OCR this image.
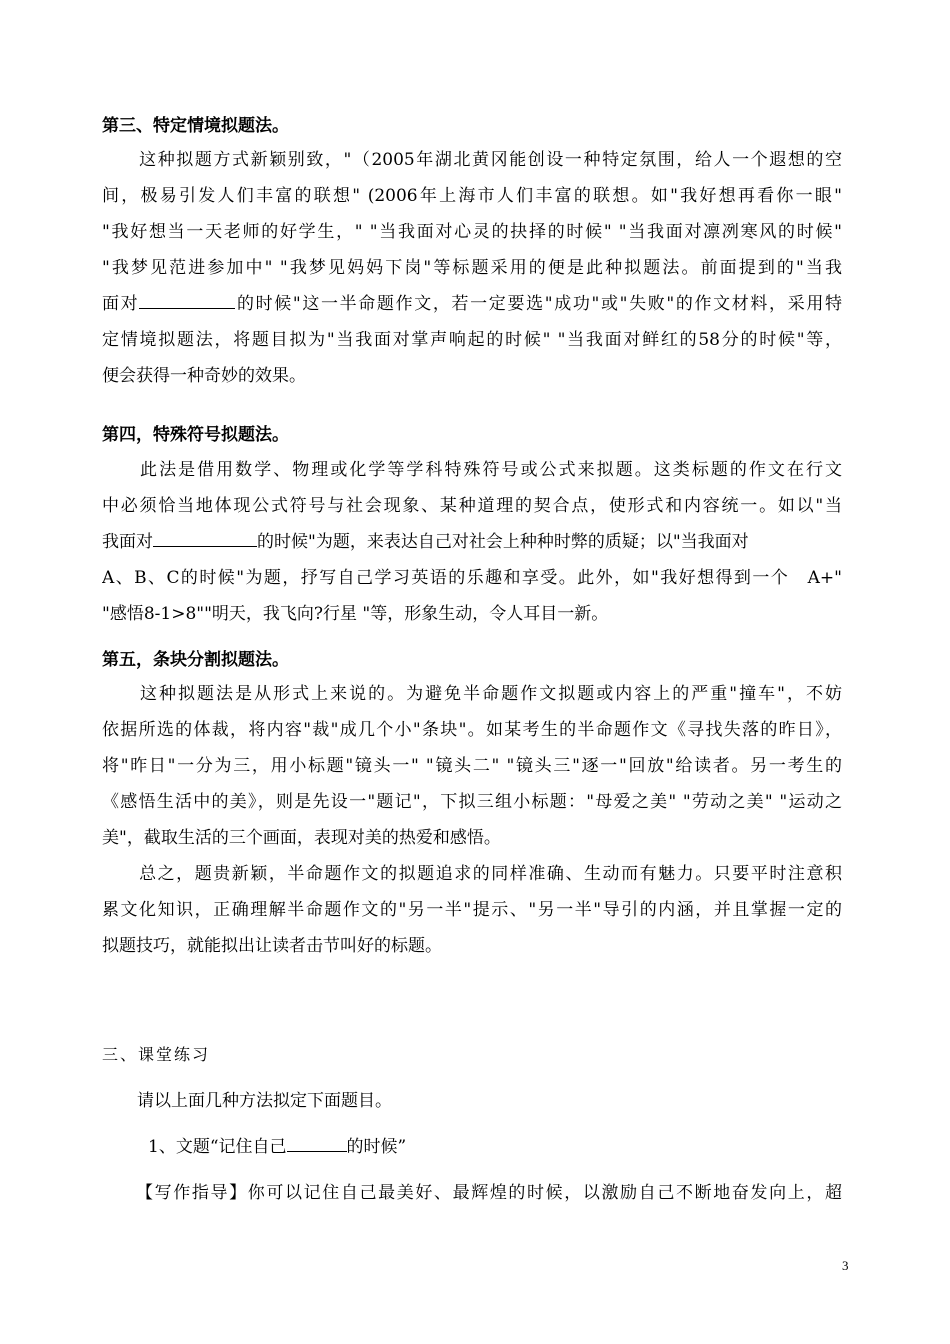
第三、特定情境拟题法。
　　这种拟题方式新颖别致，"（2005年湖北黄冈能创设一种特定氛围，给人一个遐想的空
间，极易引发人们丰富的联想" (2006年上海市人们丰富的联想。如"我好想再看你一眼"
"我好想当一天老师的好学生，" "当我面对心灵的抉择的时候" "当我面对凛冽寒风的时候"
"我梦见范进参加中" "我梦见妈妈下岗"等标题采用的便是此种拟题法。前面提到的"当我
面对	的时候"这一半命题作文，若一定要选"成功"或"失败"的作文材料，采用特
定情境拟题法，将题目拟为"当我面对掌声响起的时候" "当我面对鲜红的58分的时候"等，
便会获得一种奇妙的效果。
第四，特殊符号拟题法。
　　此法是借用数学、物理或化学等学科特殊符号或公式来拟题。这类标题的作文在行文
中必须恰当地体现公式符号与社会现象、某种道理的契合点，使形式和内容统一。如以"当
我面对	的时候"为题，来表达自己对社会上种种时弊的质疑；以"当我面对
A、B、C的时候"为题，抒写自己学习英语的乐趣和享受。此外，如"我好想得到一个　A+"
"感悟8-1>8""明天，我飞向?行星 "等，形象生动，令人耳目一新。
第五，条块分割拟题法。
　　这种拟题法是从形式上来说的。为避免半命题作文拟题或内容上的严重"撞车"，不妨
依据所选的体裁，将内容"裁"成几个小"条块"。如某考生的半命题作文《寻找失落的昨日》，
将"昨日"一分为三，用小标题"镜头一" "镜头二" "镜头三"逐一"回放"给读者。另一考生的
《感悟生活中的美》，则是先设一"题记"，下拟三组小标题："母爱之美" "劳动之美" "运动之
美"，截取生活的三个画面，表现对美的热爱和感悟。
　　总之，题贵新颖，半命题作文的拟题追求的同样准确、生动而有魅力。只要平时注意积
累文化知识，正确理解半命题作文的"另一半"提示、"另一半"导引的内涵，并且掌握一定的
拟题技巧，就能拟出让读者击节叫好的标题。
三、课堂练习
请以上面几种方法拟定下面题目。
1、文题“记住自己	的时候”
【写作指导】你可以记住自己最美好、最辉煌的时候，以激励自己不断地奋发向上，超
3
